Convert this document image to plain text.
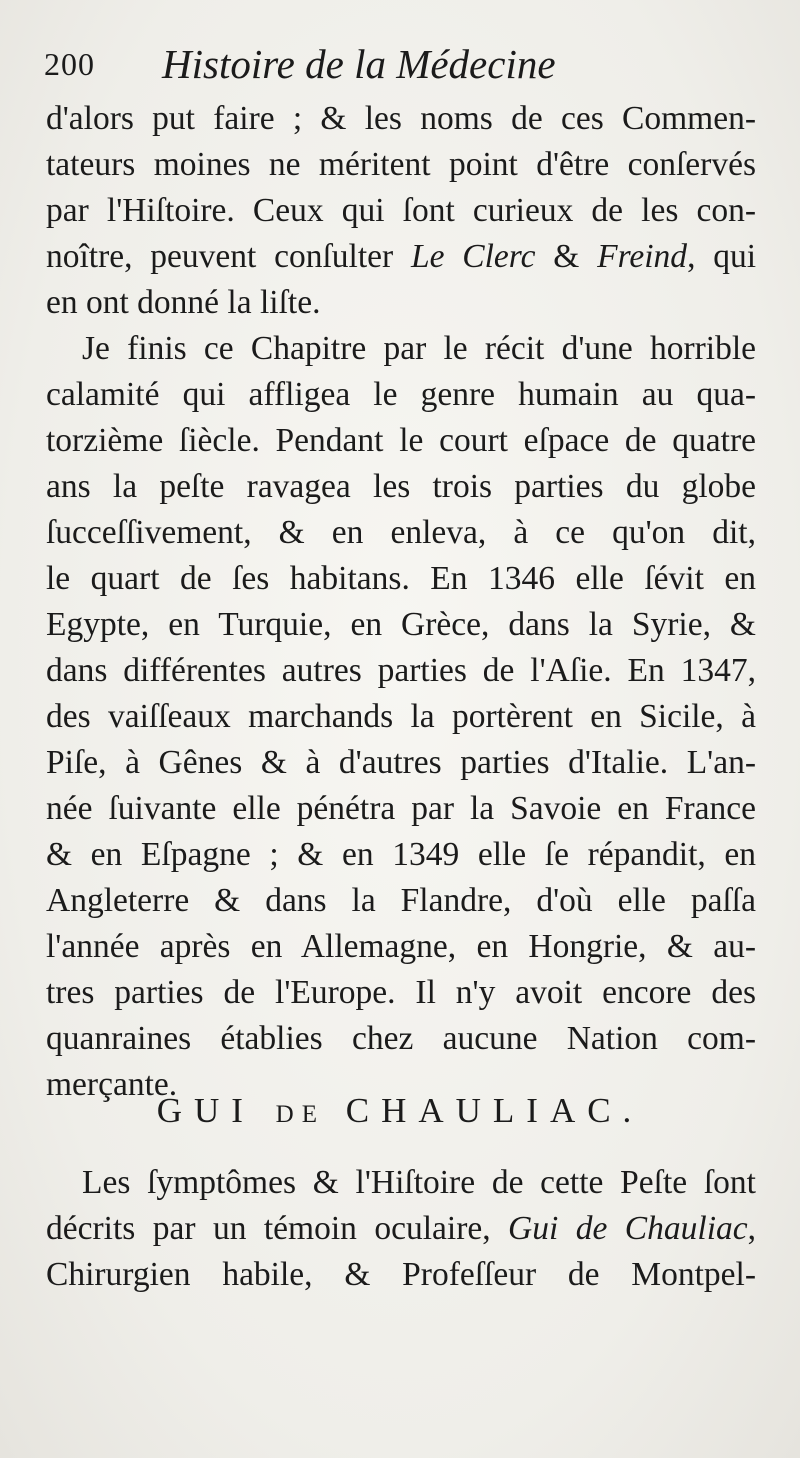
200 Histoire de la Médecine
d'alors put faire ; & les noms de ces Commen-
tateurs moines ne méritent point d'être conſervés
par l'Hiſtoire. Ceux qui ſont curieux de les con-
noître, peuvent conſulter Le Clerc & Freind, qui
en ont donné la liſte.
Je finis ce Chapitre par le récit d'une horrible
calamité qui affligea le genre humain au qua-
torzième ſiècle. Pendant le court eſpace de quatre
ans la peſte ravagea les trois parties du globe
ſucceſſivement, & en enleva, à ce qu'on dit,
le quart de ſes habitans. En 1346 elle ſévit en
Egypte, en Turquie, en Grèce, dans la Syrie, &
dans différentes autres parties de l'Aſie. En 1347,
des vaiſſeaux marchands la portèrent en Sicile, à
Piſe, à Gênes & à d'autres parties d'Italie. L'an-
née ſuivante elle pénétra par la Savoie en France
& en Eſpagne ; & en 1349 elle ſe répandit, en
Angleterre & dans la Flandre, d'où elle paſſa
l'année après en Allemagne, en Hongrie, & au-
tres parties de l'Europe. Il n'y avoit encore des
quanraines établies chez aucune Nation com-
merçante.
GUI DE CHAULIAC.
Les ſymptômes & l'Hiſtoire de cette Peſte ſont
décrits par un témoin oculaire, Gui de Chauliac,
Chirurgien habile, & Profeſſeur de Montpel-
